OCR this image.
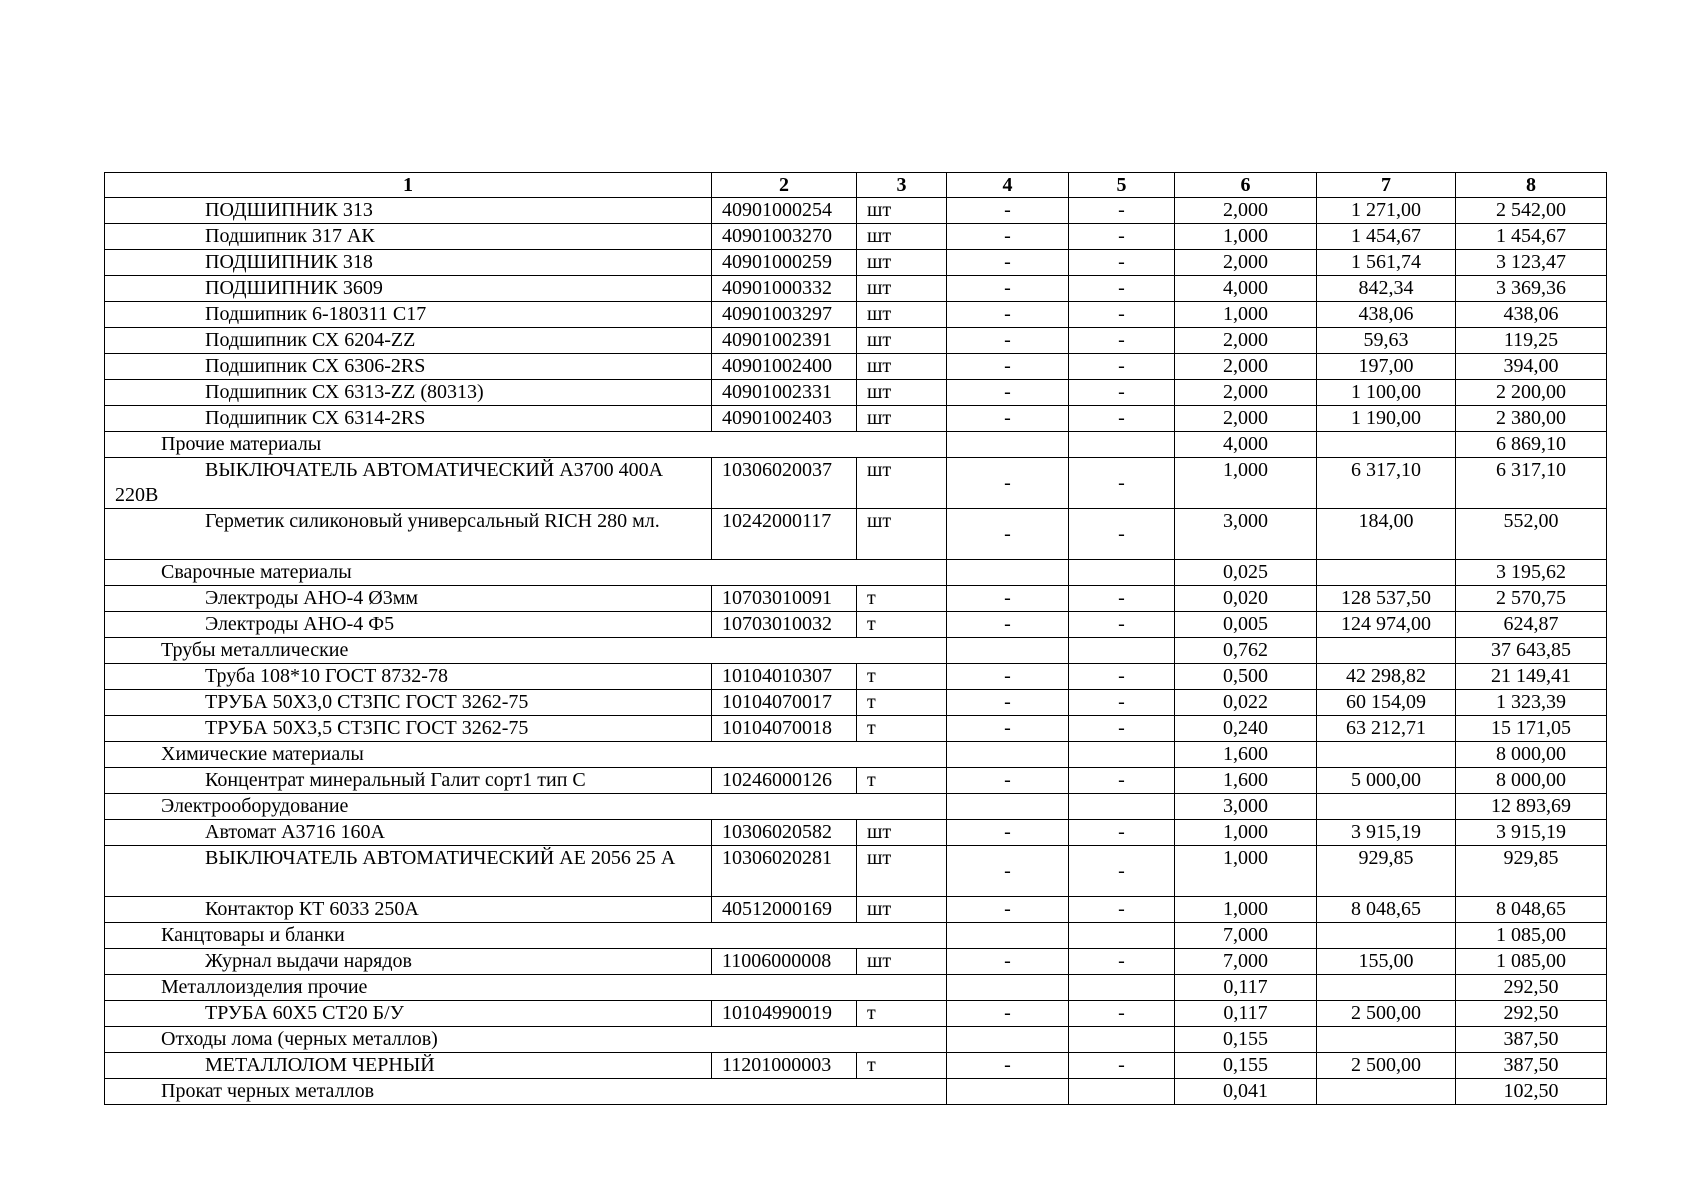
1	2	3	4	5	6	7	8
ПОДШИПНИК 313	40901000254	шт	-	-	2,000	1 271,00	2 542,00
Подшипник 317 АК	40901003270	шт	-	-	1,000	1 454,67	1 454,67
ПОДШИПНИК 318	40901000259	шт	-	-	2,000	1 561,74	3 123,47
ПОДШИПНИК 3609	40901000332	шт	-	-	4,000	842,34	3 369,36
Подшипник 6-180311 С17	40901003297	шт	-	-	1,000	438,06	438,06
Подшипник СХ 6204-ZZ	40901002391	шт	-	-	2,000	59,63	119,25
Подшипник СХ 6306-2RS	40901002400	шт	-	-	2,000	197,00	394,00
Подшипник СХ 6313-ZZ (80313)	40901002331	шт	-	-	2,000	1 100,00	2 200,00
Подшипник СХ 6314-2RS	40901002403	шт	-	-	2,000	1 190,00	2 380,00
Прочие материалы					4,000		6 869,10
ВЫКЛЮЧАТЕЛЬ АВТОМАТИЧЕСКИЙ А3700 400А 220В	10306020037	шт	-	-	1,000	6 317,10	6 317,10
Герметик силиконовый универсальный RICH 280 мл.	10242000117	шт	-	-	3,000	184,00	552,00
Сварочные материалы					0,025		3 195,62
Электроды АНО-4 Ø3мм	10703010091	т	-	-	0,020	128 537,50	2 570,75
Электроды АНО-4 Ф5	10703010032	т	-	-	0,005	124 974,00	624,87
Трубы металлические					0,762		37 643,85
Труба 108*10 ГОСТ 8732-78	10104010307	т	-	-	0,500	42 298,82	21 149,41
ТРУБА 50Х3,0 СТ3ПС ГОСТ 3262-75	10104070017	т	-	-	0,022	60 154,09	1 323,39
ТРУБА 50Х3,5 СТ3ПС ГОСТ 3262-75	10104070018	т	-	-	0,240	63 212,71	15 171,05
Химические материалы					1,600		8 000,00
Концентрат минеральный Галит сорт1 тип С	10246000126	т	-	-	1,600	5 000,00	8 000,00
Электрооборудование					3,000		12 893,69
Автомат А3716 160А	10306020582	шт	-	-	1,000	3 915,19	3 915,19
ВЫКЛЮЧАТЕЛЬ АВТОМАТИЧЕСКИЙ АЕ 2056 25 А	10306020281	шт	-	-	1,000	929,85	929,85
Контактор КТ 6033 250А	40512000169	шт	-	-	1,000	8 048,65	8 048,65
Канцтовары и бланки					7,000		1 085,00
Журнал выдачи нарядов	11006000008	шт	-	-	7,000	155,00	1 085,00
Металлоизделия прочие					0,117		292,50
ТРУБА 60Х5 СТ20 Б/У	10104990019	т	-	-	0,117	2 500,00	292,50
Отходы лома (черных металлов)					0,155		387,50
МЕТАЛЛОЛОМ ЧЕРНЫЙ	11201000003	т	-	-	0,155	2 500,00	387,50
Прокат черных металлов					0,041		102,50
